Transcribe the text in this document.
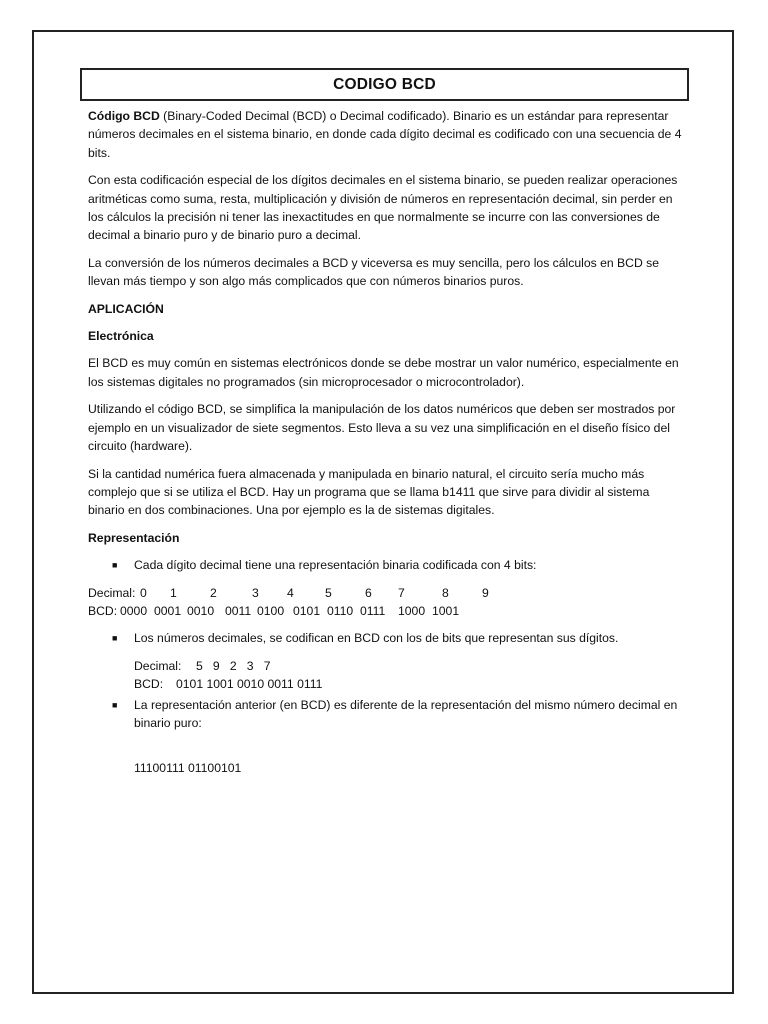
CODIGO BCD

Código BCD (Binary-Coded Decimal (BCD) o Decimal codificado). Binario es un estándar para representar números decimales en el sistema binario, en donde cada dígito decimal es codificado con una secuencia de 4 bits.

Con esta codificación especial de los dígitos decimales en el sistema binario, se pueden realizar operaciones aritméticas como suma, resta, multiplicación y división de números en representación decimal, sin perder en los cálculos la precisión ni tener las inexactitudes en que normalmente se incurre con las conversiones de decimal a binario puro y de binario puro a decimal.

La conversión de los números decimales a BCD y viceversa es muy sencilla, pero los cálculos en BCD se llevan más tiempo y son algo más complicados que con números binarios puros.

APLICACIÓN

Electrónica

El BCD es muy común en sistemas electrónicos donde se debe mostrar un valor numérico, especialmente en los sistemas digitales no programados (sin microprocesador o microcontrolador).

Utilizando el código BCD, se simplifica la manipulación de los datos numéricos que deben ser mostrados por ejemplo en un visualizador de siete segmentos. Esto lleva a su vez una simplificación en el diseño físico del circuito (hardware).

Si la cantidad numérica fuera almacenada y manipulada en binario natural, el circuito sería mucho más complejo que si se utiliza el BCD. Hay un programa que se llama b1411 que sirve para dividir al sistema binario en dos combinaciones. Una por ejemplo es la de sistemas digitales.

Representación

■ Cada dígito decimal tiene una representación binaria codificada con 4 bits:
Decimal: 0	1	2	3	4	5	6	7	8	9
BCD: 0000 0001 0010 0011 0100 0101 0110 0111	1000 1001
■ Los números decimales, se codifican en BCD con los de bits que representan sus dígitos.
Decimal:	5   9   2   3   7
BCD:	0101 1001 0010 0011 0111
■ La representación anterior (en BCD) es diferente de la representación del mismo número decimal en binario puro:
11100111 01100101
